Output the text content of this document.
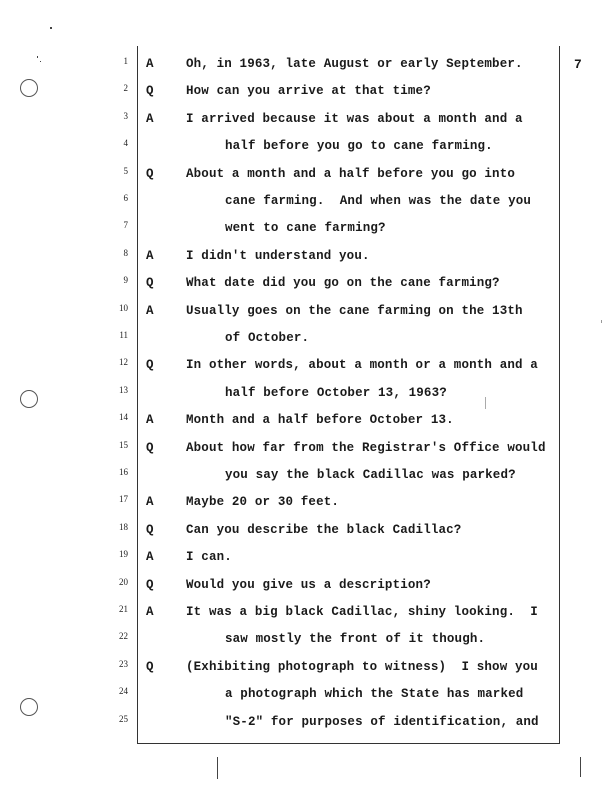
7
1 A	Oh, in 1963, late August or early September.
2 Q	How can you arrive at that time?
3 A	I arrived because it was about a month and a
4	half before you go to cane farming.
5 Q	About a month and a half before you go into
6	cane farming.  And when was the date you
7	went to cane farming?
8 A	I didn't understand you.
9 Q	What date did you go on the cane farming?
10 A	Usually goes on the cane farming on the 13th
11	of October.
12 Q	In other words, about a month or a month and a
13	half before October 13, 1963?
14 A	Month and a half before October 13.
15 Q	About how far from the Registrar's Office would
16	you say the black Cadillac was parked?
17 A	Maybe 20 or 30 feet.
18 Q	Can you describe the black Cadillac?
19 A	I can.
20 Q	Would you give us a description?
21 A	It was a big black Cadillac, shiny looking.  I
22	saw mostly the front of it though.
23 Q	(Exhibiting photograph to witness)  I show you
24	a photograph which the State has marked
25	"S-2" for purposes of identification, and
